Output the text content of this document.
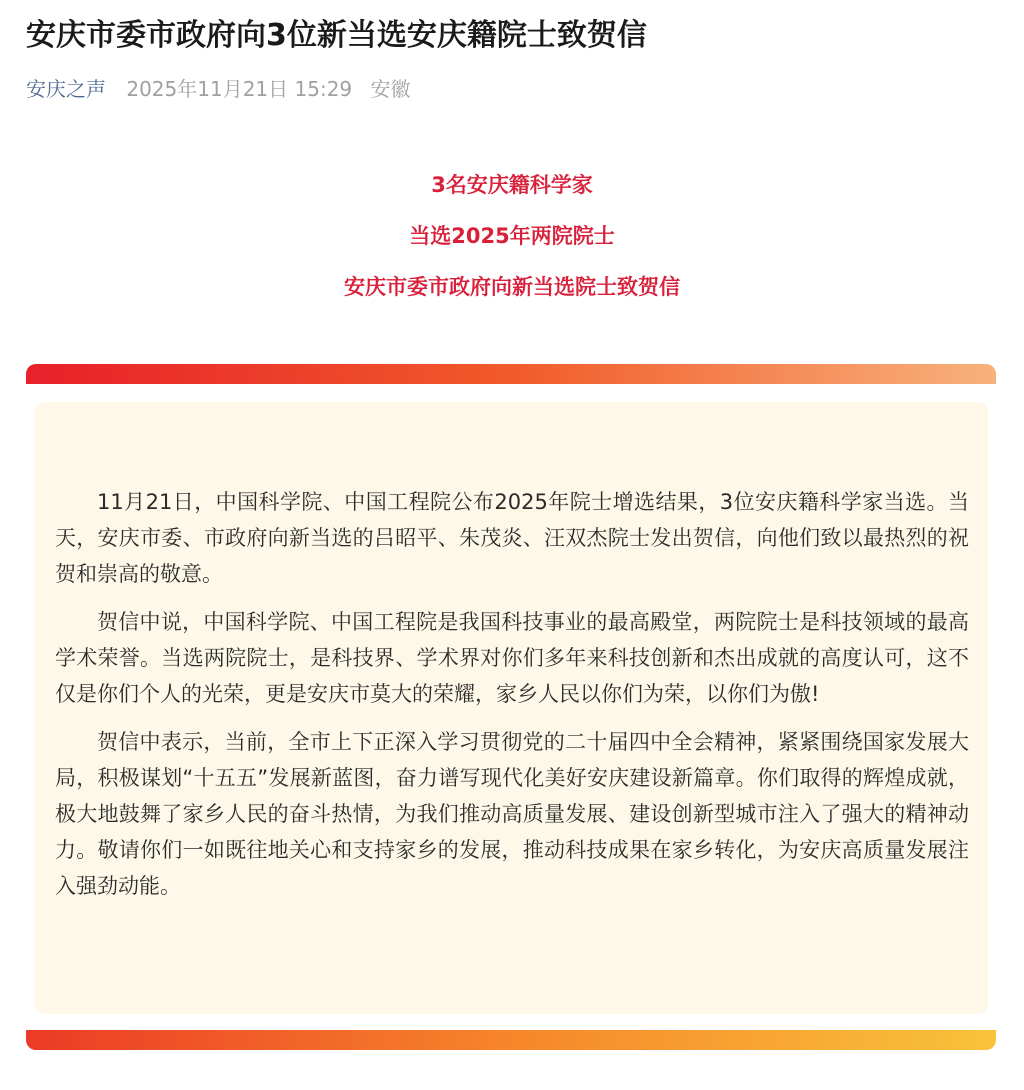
安庆市委市政府向3位新当选安庆籍院士致贺信
安庆之声 2025年11月21日 15:29 安徽

3名安庆籍科学家

当选2025年两院院士

安庆市委市政府向新当选院士致贺信

11月21日，中国科学院、中国工程院公布2025年院士增选结果，3位安庆籍科学家当选。当天，安庆市委、市政府向新当选的吕昭平、朱茂炎、汪双杰院士发出贺信，向他们致以最热烈的祝贺和崇高的敬意。

贺信中说，中国科学院、中国工程院是我国科技事业的最高殿堂，两院院士是科技领域的最高学术荣誉。当选两院院士，是科技界、学术界对你们多年来科技创新和杰出成就的高度认可，这不仅是你们个人的光荣，更是安庆市莫大的荣耀，家乡人民以你们为荣，以你们为傲!

贺信中表示，当前，全市上下正深入学习贯彻党的二十届四中全会精神，紧紧围绕国家发展大局，积极谋划“十五五”发展新蓝图，奋力谱写现代化美好安庆建设新篇章。你们取得的辉煌成就，极大地鼓舞了家乡人民的奋斗热情，为我们推动高质量发展、建设创新型城市注入了强大的精神动力。敬请你们一如既往地关心和支持家乡的发展，推动科技成果在家乡转化，为安庆高质量发展注入强劲动能。
